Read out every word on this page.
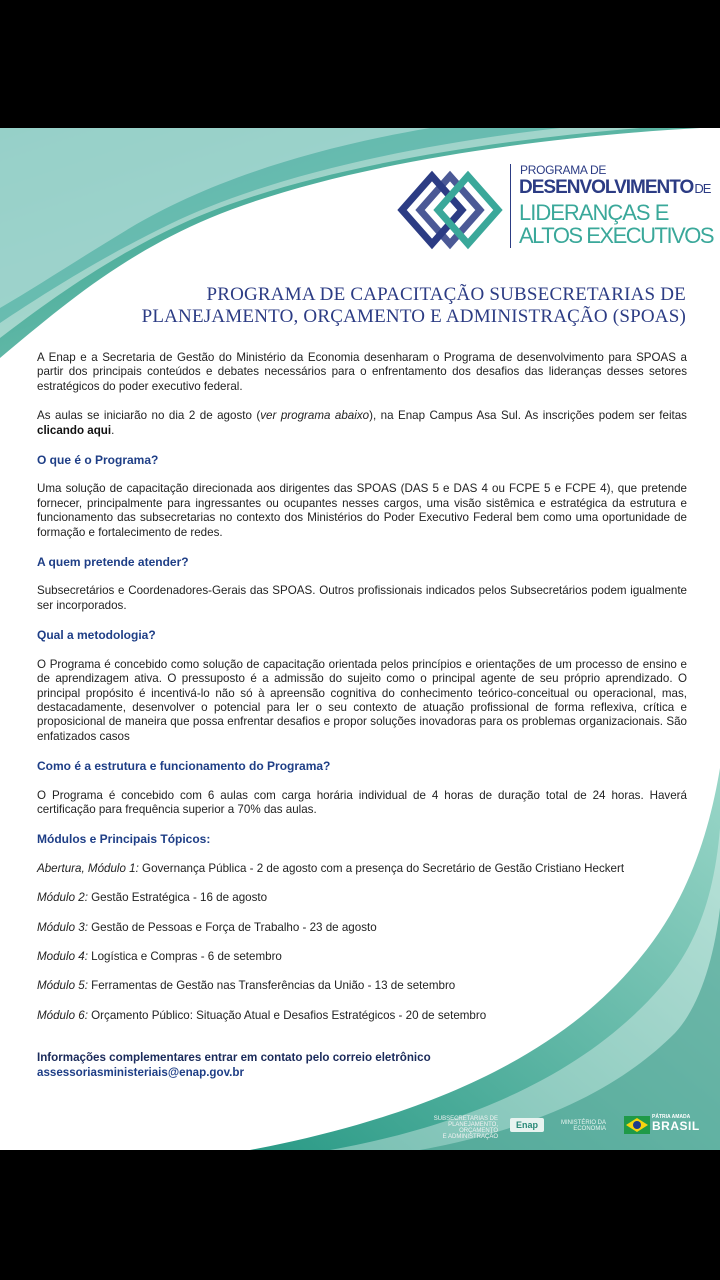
PROGRAMA DE
DESENVOLVIMENTODE
LIDERANÇAS E
ALTOS EXECUTIVOS
PROGRAMA DE CAPACITAÇÃO SUBSECRETARIAS DE
PLANEJAMENTO, ORÇAMENTO E ADMINISTRAÇÃO (SPOAS)

A Enap e a Secretaria de Gestão do Ministério da Economia desenharam o Programa de desenvolvimento para SPOAS a partir dos principais conteúdos e debates necessários para o enfrentamento dos desafios das lideranças desses setores estratégicos do poder executivo federal.

As aulas se iniciarão no dia 2 de agosto (ver programa abaixo), na Enap Campus Asa Sul. As inscrições podem ser feitas clicando aqui.

O que é o Programa?

Uma solução de capacitação direcionada aos dirigentes das SPOAS (DAS 5 e DAS 4 ou FCPE 5 e FCPE 4), que pretende fornecer, principalmente para ingressantes ou ocupantes nesses cargos, uma visão sistêmica e estratégica da estrutura e funcionamento das subsecretarias no contexto dos Ministérios do Poder Executivo Federal bem como uma oportunidade de formação e fortalecimento de redes.

A quem pretende atender?

Subsecretários e Coordenadores-Gerais das SPOAS. Outros profissionais indicados pelos Subsecretários podem igualmente ser incorporados.

Qual a metodologia?

O Programa é concebido como solução de capacitação orientada pelos princípios e orientações de um processo de ensino e de aprendizagem ativa. O pressuposto é a admissão do sujeito como o principal agente de seu próprio aprendizado. O principal propósito é incentivá-lo não só à apreensão cognitiva do conhecimento teórico-conceitual ou operacional, mas, destacadamente, desenvolver o potencial para ler o seu contexto de atuação profissional de forma reflexiva, crítica e proposicional de maneira que possa enfrentar desafios e propor soluções inovadoras para os problemas organizacionais. São enfatizados casos

Como é a estrutura e funcionamento do Programa?

O Programa é concebido com 6 aulas com carga horária individual de 4 horas de duração total de 24 horas. Haverá certificação para frequência superior a 70% das aulas.

Módulos e Principais Tópicos:

Abertura, Módulo 1: Governança Pública - 2 de agosto com a presença do Secretário de Gestão Cristiano Heckert

Módulo 2: Gestão Estratégica - 16 de agosto

Módulo 3: Gestão de Pessoas e Força de Trabalho - 23 de agosto

Modulo 4: Logística e Compras - 6 de setembro

Módulo 5: Ferramentas de Gestão nas Transferências da União - 13 de setembro

Módulo 6: Orçamento Público: Situação Atual e Desafios Estratégicos - 20 de setembro

Informações complementares entrar em contato pelo correio eletrônico

assessoriasministeriais@enap.gov.br

SUBSECRETARIAS DE
PLANEJAMENTO, ORÇAMENTO
E ADMINISTRAÇÃO
Enap	MINISTÉRIO DA
ECONOMIA
PÁTRIA AMADA
BRASIL
